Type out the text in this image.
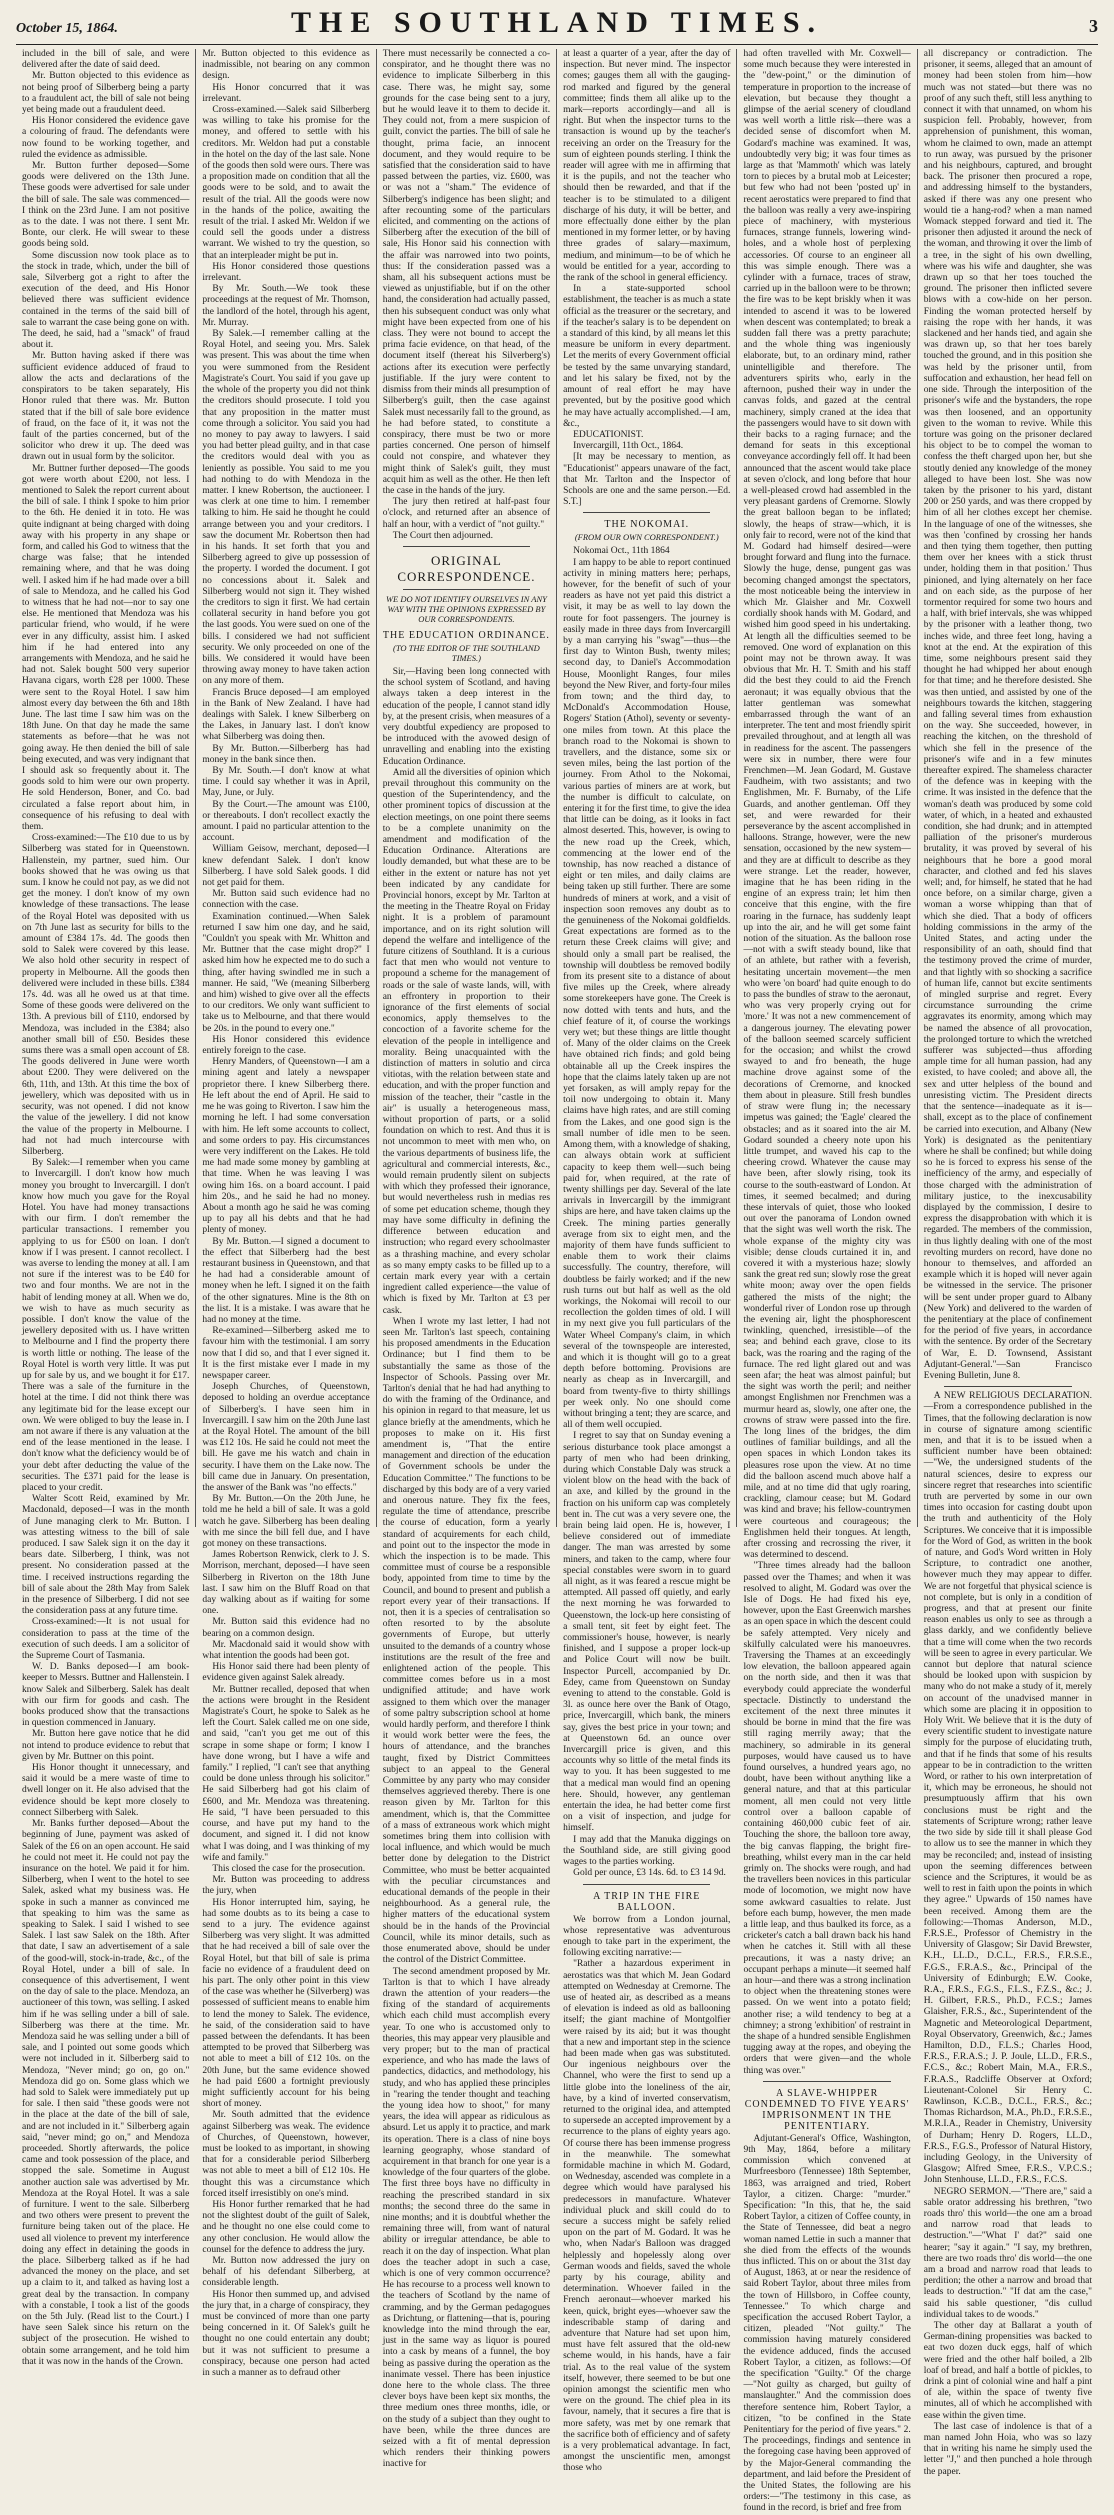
October 15, 1864.	THE SOUTHLAND TIMES.	3

included in the bill of sale, and were delivered after the date of said deed.

Mr. Button objected to this evidence as not being proof of Silberberg being a party to a fraudulent act, the bill of sale not being yet being made out a fraudulent deed.

His Honor considered the evidence gave a colouring of fraud. The defendants were now found to be working together, and ruled the evidence as admissible.

Mr. Button further deposed—Some goods were delivered on the 13th June. These goods were advertised for sale under the bill of sale. The sale was commenced—I think on the 23rd June. I am not positive as to the date. I was not there. I sent Mr. Bonte, our clerk. He will swear to these goods being sold.

Some discussion now took place as to the stock in trade, which, under the bill of sale, Silverberg got a right to after the execution of the deed, and His Honor believed there was sufficient evidence contained in the terms of the said bill of sale to warrant the case being gone on with. The deed, he said, had a "smack" of fraud about it.

Mr. Button having asked if there was sufficient evidence adduced of fraud to allow the acts and declarations of the conspirators to be taken separately, His Honor ruled that there was. Mr. Button stated that if the bill of sale bore evidence of fraud, on the face of it, it was not the fault of the parties concerned, but of the solicitor who drew it up. The deed was drawn out in usual form by the solicitor.

Mr. Buttner further deposed—The goods got were worth about £200, not less. I mentioned to Salek the report current about the bill of sale. I think I spoke to him prior to the 6th. He denied it in toto. He was quite indignant at being charged with doing away with his property in any shape or form, and called his God to witness that the charge was false; that he intended remaining where, and that he was doing well. I asked him if he had made over a bill of sale to Mendoza, and he called his God to witness that he had not—nor to say one else. He mentioned that Mendoza was his particular friend, who would, if he were ever in any difficulty, assist him. I asked him if he had entered into any arrangements with Mendoza, and he said he had not. Salek bought 500 very superior Havana cigars, worth £28 per 1000. These were sent to the Royal Hotel. I saw him almost every day between the 6th and 18th June. The last time I saw him was on the 18th June. On that day he made the same statements as before—that he was not going away. He then denied the bill of sale being executed, and was very indignant that I should ask so frequently about it. The goods sold to him were our own property. He sold Henderson, Boner, and Co. bad circulated a false report about him, in consequence of his refusing to deal with them.

Cross-examined:—The £10 due to us by Silberberg was stated for in Queenstown. Hallenstein, my partner, sued him. Our books showed that he was owing us that sum. I know he could not pay, as we did not get the money. I don't know of my own knowledge of these transactions. The lease of the Royal Hotel was deposited with us on 7th June last as security for bills to the amount of £384 17s. 4d. The goods then sold to Salek were covered by this lease. We also hold other security in respect of property in Melbourne. All the goods then delivered were included in these bills. £384 17s. 4d. was all he owed us at that time. Some of these goods were delivered on the 13th. A previous bill of £110, endorsed by Mendoza, was included in the £384; also another small bill of £50. Besides these sums there was a small open account of £8. The goods delivered in June were worth about £200. They were delivered on the 6th, 11th, and 13th. At this time the box of jewellery, which was deposited with us in security, was not opened. I did not know the value of the jewellery. I did not know the value of the property in Melbourne. I had not had much intercourse with Silberberg.

By Salek:—I remember when you came to Invercargill. I don't know how much money you brought to Invercargill. I don't know how much you gave for the Royal Hotel. You have had money transactions with our firm. I don't remember the particular transactions. I remember you applying to us for £500 on loan. I don't know if I was present. I cannot recollect. I was averse to lending the money at all. I am not sure if the interest was to be £40 for two and four months. We are not in the habit of lending money at all. When we do, we wish to have as much security as possible. I don't know the value of the jewellery deposited with us. I have written to Melbourne and I find the property there is worth little or nothing. The lease of the Royal Hotel is worth very little. It was put up for sale by us, and we bought it for £17. There was a sale of the furniture in the hotel at the time. I did not think there was any legitimate bid for the lease except our own. We were obliged to buy the lease in. I am not aware if there is any valuation at the end of the lease mentioned in the lease. I don't know what the deficiency would be of your debt after deducting the value of the securities. The £371 paid for the lease is placed to your credit.

Walter Scott Reid, examined by Mr. Macdonald, deposed—I was in the month of June managing clerk to Mr. Button. I was attesting witness to the bill of sale produced. I saw Salek sign it on the day it bears date. Silberberg, I think, was not present. No consideration passed at the time. I received instructions regarding the bill of sale about the 28th May from Salek in the presence of Silberberg. I did not see the consideration pass at any future time.

Cross-examined:—It is not usual for consideration to pass at the time of the execution of such deeds. I am a solicitor of the Supreme Court of Tasmania.

W. D. Banks deposed—I am book-keeper to Messrs. Buttner and Hallenstein. I know Salek and Silberberg. Salek has dealt with our firm for goods and cash. The books produced show that the transactions in question commenced in January.

Mr. Button here gave notice that he did not intend to produce evidence to rebut that given by Mr. Buttner on this point.

His Honor thought it unnecessary, and said it would be a mere waste of time to dwell longer on it. He also advised that the evidence should be kept more closely to connect Silberberg with Salek.

Mr. Banks further deposed—About the beginning of June, payment was asked of Salek of the £6 on an open account. He said he could not meet it. He could not pay the insurance on the hotel. We paid it for him. Silberberg, when I went to the hotel to see Salek, asked what my business was. He spoke in such a manner as convinced me that speaking to him was the same as speaking to Salek. I said I wished to see Salek. I last saw Salek on the 18th. After that date, I saw an advertisement of a sale of the good-will, stock-in-trade, &c., of the Royal Hotel, under a bill of sale. In consequence of this advertisement, I went on the day of sale to the place. Mendoza, an auctioneer of this town, was selling. I asked him if he was selling under a bill of sale. Silberberg was there at the time. Mr. Mendoza said he was selling under a bill of sale, and I pointed out some goods which were not included in it. Silberberg said to Mendoza, "Never mind; go on, go on." Mendoza did go on. Some glass which we had sold to Salek were immediately put up for sale. I then said "these goods were not in the place at the date of the bill of sale, and are not included in it." Silberberg again said, "never mind; go on," and Mendoza proceeded. Shortly afterwards, the police came and took possession of the place, and stopped the sale. Sometime in August another auction sale was advertised by Mr. Mendoza at the Royal Hotel. It was a sale of furniture. I went to the sale. Silberberg and two others were present to prevent the furniture being taken out of the place. He used all violence to prevent my interference doing any effect in detaining the goods in the place. Silberberg talked as if he had advanced the money on the place, and set up a claim to it, and talked as having lost a great deal by the transaction. In company with a constable, I took a list of the goods on the 5th July. (Read list to the Court.) I have seen Salek since his return on the subject of the prosecution. He wished to obtain some arrangement, and he told him that it was now in the hands of the Crown.

Mr. Button objected to this evidence as inadmissible, not bearing on any common design.

His Honor concurred that it was irrelevant.

Cross-examined.—Salek said Silberberg was willing to take his promise for the money, and offered to settle with his creditors. Mr. Weldon had put a constable in the hotel on the day of the last sale. None of the goods then sold were ours. There was a proposition made on condition that all the goods were to be sold, and to await the result of the trial. All the goods were now in the hands of the police, awaiting the result of the trial. I asked Mr. Weldon if we could sell the goods under a distress warrant. We wished to try the question, so that an interpleader might be put in.

His Honor considered those questions irrelevant.

By Mr. South.—We took these proceedings at the request of Mr. Thomson, the landlord of the hotel, through his agent, Mr. Murray.

By Salek.—I remember calling at the Royal Hotel, and seeing you. Mrs. Salek was present. This was about the time when you were summoned from the Resident Magistrate's Court. You said if you gave up the whole of the property you did not think the creditors should prosecute. I told you that any proposition in the matter must come through a solicitor. You said you had no money to pay away to lawyers. I said you had better plead guilty, and in that case the creditors would deal with you as leniently as possible. You said to me you had nothing to do with Mendoza in the matter. I knew Robertson, the auctioneer. I was clerk at one time to him. I remember talking to him. He said he thought he could arrange between you and your creditors. I saw the document Mr. Robertson then had in his hands. It set forth that you and Silberberg agreed to give up possession of the property. I worded the document. I got no concessions about it. Salek and Silberberg would not sign it. They wished the creditors to sign it first. We had certain collateral security in hand before you got the last goods. You were sued on one of the bills. I considered we had not sufficient security. We only proceeded on one of the bills. We considered it would have been throwing away money to have taken action on any more of them.

Francis Bruce deposed—I am employed in the Bank of New Zealand. I have had dealings with Salek. I knew Silberberg on the Lakes, in January last. I don't know what Silberberg was doing then.

By Mr. Button.—Silberberg has had money in the bank since then.

By Mr. South.—I don't know at what time. I could say whether it was in April, May, June, or July.

By the Court.—The amount was £100, or thereabouts. I don't recollect exactly the amount. I paid no particular attention to the account.

William Geisow, merchant, deposed—I knew defendant Salek. I don't know Silberberg. I have sold Salek goods. I did not get paid for them.

Mr. Button said such evidence had no connection with the case.

Examination continued.—When Salek returned I saw him one day, and he said, "Couldn't you speak with Mr. Whitton and Mr. Buttner that the case might drop?" I asked him how he expected me to do such a thing, after having swindled me in such a manner. He said, "We (meaning Silberberg and him) wished to give over all the effects to our creditors. We only want sufficient to take us to Melbourne, and that there would be 20s. in the pound to every one."

His Honor considered this evidence entirely foreign to the case.

Henry Manders, of Queenstown—I am a mining agent and lately a newspaper proprietor there. I knew Silberberg there. He left about the end of April. He said to me he was going to Riverton. I saw him the morning he left. I had some conversation with him. He left some accounts to collect, and some orders to pay. His circumstances were very indifferent on the Lakes. He told me had made some money by gambling at that time. When he was leaving I was owing him 16s. on a board account. I paid him 20s., and he said he had no money. About a month ago he said he was coming up to pay all his debts and that he had plenty of money.

By Mr. Button.—I signed a document to the effect that Silberberg had the best restaurant business in Queenstown, and that he had had a considerable amount of money when he left. I signed it on the faith of the other signatures. Mine is the 8th on the list. It is a mistake. I was aware that he had no money at the time.

Re-examined—Silberberg asked me to favour him with the testimonial. I am sorry now that I did so, and that I ever signed it. It is the first mistake ever I made in my newspaper career.

Joseph Churches, of Queenstown, deposed to holding an overdue acceptance of Silberberg's. I have seen him in Invercargill. I saw him on the 20th June last at the Royal Hotel. The amount of the bill was £12 10s. He said he could not meet the bill. He gave me his watch and chain in security. I have them on the Lake now. The bill came due in January. On presentation, the answer of the Bank was "no effects."

By Mr. Button.—On the 20th June, he told me he held a bill of sale. It was a gold watch he gave. Silberberg has been dealing with me since the bill fell due, and I have got money on these transactions.

James Robertson Renwick, clerk to J. S. Morrison, merchant, deposed—I have seen Silberberg in Riverton on the 18th June last. I saw him on the Bluff Road on that day walking about as if waiting for some one.

Mr. Button said this evidence had no bearing on a common design.

Mr. Macdonald said it would show with what intention the goods had been got.

His Honor said there had been plenty of evidence given against Salek already.

Mr. Buttner recalled, deposed that when the actions were brought in the Resident Magistrate's Court, he spoke to Salek as he left the Court. Salek called me on one side, and said, "can't you get me out of this scrape in some shape or form; I know I have done wrong, but I have a wife and family." I replied, "I can't see that anything could be done unless through his solicitor." He said Silberberg had got his claim of £600, and Mr. Mendoza was threatening. He said, "I have been persuaded to this course, and have put my hand to the document, and signed it. I did not know what I was doing, and I was thinking of my wife and family."

This closed the case for the prosecution.

Mr. Button was proceeding to address the jury, when

His Honor interrupted him, saying, he had some doubts as to its being a case to send to a jury. The evidence against Silberberg was very slight. It was admitted that he had received a bill of sale over the Royal Hotel, but that bill of sale is prima facie no evidence of a fraudulent deed on his part. The only other point in this view of the case was whether he (Silverberg) was possessed of sufficient means to enable him to lend the money to Salek. The evidence, he said, of the consideration said to have passed between the defendants. It has been attempted to be proved that Silberberg was not able to meet a bill of £12 10s. on the 20th June, but the same evidence showed he had paid £600 a fortnight previously might sufficiently account for his being short of money.

Mr. South admitted that the evidence against Silberberg was weak. The evidence of Churches, of Queenstown, however, must be looked to as important, in showing that for a considerable period Silberberg was not able to meet a bill of £12 10s. He thought this was a circumstance which forced itself irresistibly on one's mind.

His Honor further remarked that he had not the slightest doubt of the guilt of Salek, and he thought no one else could come to any other conclusion. He would allow the counsel for the defence to address the jury.

Mr. Button now addressed the jury on behalf of his defendant Silberberg, at considerable length.

His Honor then summed up, and advised the jury that, in a charge of conspiracy, they must be convinced of more than one party being concerned in it. Of Salek's guilt he thought no one could entertain any doubt; but it was not sufficient to presume a conspiracy, because one person had acted in such a manner as to defraud other

There must necessarily be connected a co-conspirator, and he thought there was no evidence to implicate Silberberg in this case. There was, he might say, some grounds for the case being sent to a jury, but he would leave it to them to decide it. They could not, from a mere suspicion of guilt, convict the parties. The bill of sale he thought, prima facie, an innocent document, and they would require to be satisfied that the consideration said to have passed between the parties, viz. £600, was or was not a "sham." The evidence of Silberberg's indigence has been slight; and after recounting some of the particulars elicited, and commenting on the actions of Silberberg after the execution of the bill of sale, His Honor said his connection with the affair was narrowed into two points, thus: If the consideration passed was a sham, all his subsequent actions must be viewed as unjustifiable, but if on the other hand, the consideration had actually passed, then his subsequent conduct was only what might have been expected from one of his class. They were not bound to accept the prima facie evidence, on that head, of the document itself (thereat his Silverberg's) actions after its execution were perfectly justifiable. If the jury were content to dismiss from their minds all presumption of Silberberg's guilt, then the case against Salek must necessarily fall to the ground, as he had before stated, to constitute a conspiracy, there must be two or more parties concerned. One person of himself could not conspire, and whatever they might think of Salek's guilt, they must acquit him as well as the other. He then left the case in the hands of the jury.

The jury then retired at half-past four o'clock, and returned after an absence of half an hour, with a verdict of "not guilty."

The Court then adjourned.

ORIGINAL CORRESPONDENCE.
WE DO NOT IDENTIFY OURSELVES IN ANY WAY WITH THE OPINIONS EXPRESSED BY OUR CORRESPONDENTS.
THE EDUCATION ORDINANCE.
(TO THE EDITOR OF THE SOUTHLAND TIMES.)

Sir,—Having been long connected with the school system of Scotland, and having always taken a deep interest in the education of the people, I cannot stand idly by, at the present crisis, when measures of a very doubtful expediency are proposed to be introduced with the avowed design of unravelling and enabling into the existing Education Ordinance.

Amid all the diversities of opinion which prevail throughout this community on the question of the Superintendency, and the other prominent topics of discussion at the election meetings, on one point there seems to be a complete unanimity on the amendment and modification of the Education Ordinance. Alterations are loudly demanded, but what these are to be either in the extent or nature has not yet been indicated by any candidate for Provincial honors, except by Mr. Tarlton at the meeting in the Theatre Royal on Friday night. It is a problem of paramount importance, and on its right solution will depend the welfare and intelligence of the future citizens of Southland. It is a curious fact that men who would not venture to propound a scheme for the management of roads or the sale of waste lands, will, with an effrontery in proportion to their ignorance of the first elements of social economics, apply themselves to the concoction of a favorite scheme for the elevation of the people in intelligence and morality. Being unacquainted with the distinction of matters in solutio and circa vitiotas, with the relation between state and education, and with the proper function and mission of the teacher, their "castle in the air" is usually a heterogeneous mass, without proportion of parts, or a solid foundation on which to rest. And thus it is not uncommon to meet with men who, on the various departments of business life, the agricultural and commercial interests, &c., would remain prudently silent on subjects with which they professed their ignorance, but would nevertheless rush in medias res of some pet education scheme, though they may have some difficulty in defining the difference between education and instruction; who regard every schoolmaster as a thrashing machine, and every scholar as so many empty casks to be filled up to a certain mark every year with a certain ingredient called experience—the value of which is fixed by Mr. Tarlton at £3 per cask.

When I wrote my last letter, I had not seen Mr. Tarlton's last speech, containing his proposed amendments in the Education Ordinance; but I find them to be substantially the same as those of the Inspector of Schools. Passing over Mr. Tarlton's denial that he had had anything to do with the framing of the Ordinance, and his opinion in regard to that measure, let us glance briefly at the amendments, which he proposes to make on it. His first amendment is, "That the entire management and direction of the education of Government schools be under the Education Committee." The functions to be discharged by this body are of a very varied and onerous nature. They fix the fees, regulate the time of attendance, prescribe the course of education, form a yearly standard of acquirements for each child, and point out to the inspector the mode in which the inspection is to be made. This committee must of course be a responsible body, appointed from time to time by the Council, and bound to present and publish a report every year of their transactions. If not, then it is a species of centralisation so often resorted to by the absolute governments of Europe, but utterly unsuited to the demands of a country whose institutions are the result of the free and enlightened action of the people. This committee comes before us in a most undignified attitude; and have work assigned to them which over the manager of some paltry subscription school at home would hardly perform, and therefore I think it would work better were the fees, the hours of attendance, and the branches taught, fixed by District Committees subject to an appeal to the General Committee by any party who may consider themselves aggrieved thereby. There is one reason given by Mr. Tarlton for this amendment, which is, that the Committee of a mass of extraneous work which might sometimes bring them into collision with local influence, and which would be much better done by delegation to the District Committee, who must be better acquainted with the peculiar circumstances and educational demands of the people in their neighbourhood. As a general rule, the higher matters of the educational system should be in the hands of the Provincial Council, while its minor details, such as those enumerated above, should be under the control of the District Committee.

The second amendment proposed by Mr. Tarlton is that to which I have already drawn the attention of your readers—the fixing of the standard of acquirements which each child must accomplish every year. To one who is accustomed only to theories, this may appear very plausible and very proper; but to the man of practical experience, and who has made the laws of pandectics, didactics, and methodology, his study, and who has applied these principles in "rearing the tender thought and teaching the young idea how to shoot," for many years, the idea will appear as ridiculous as absurd. Let us apply it to practice, and mark its operation. There is a class of nine boys learning geography, whose standard of acquirement in that branch for one year is a knowledge of the four quarters of the globe. The first three boys have no difficulty in reaching the prescribed standard in six months; the second three do the same in nine months; and it is doubtful whether the remaining three will, from want of natural ability or irregular attendance, be able to reach it on the day of inspection. What plan does the teacher adopt in such a case, which is one of very common occurrence? He has recourse to a process well known to the teachers of Scotland by the name of cramming, and by the German pedagogues as Drichtung, or flattening—that is, pouring knowledge into the mind through the ear, just in the same way as liquor is poured into a cask by means of a funnel, the boy being as passive during the operation as the inanimate vessel. There has been injustice done here to the whole class. The three clever boys have been kept six months, the three medium ones three months, idle, or on the study of a subject than they ought to have been, while the three dunces are seized with a fit of mental depression which renders their thinking powers inactive for

at least a quarter of a year, after the day of inspection. But never mind. The inspector comes; gauges them all with the gauging-rod marked and figured by the general committee; finds them all alike up to the mark—reports accordingly—and all is right. But when the inspector turns to the transaction is wound up by the teacher's receiving an order on the Treasury for the sum of eighteen pounds sterling. I think the reader will agree with me in affirming that it is the pupils, and not the teacher who should then be rewarded, and that if the teacher is to be stimulated to a diligent discharge of his duty, it will be better, and more effectually done either by the plan mentioned in my former letter, or by having three grades of salary—maximum, medium, and minimum—to be of which he would be entitled for a year, according to the rank of the school in general efficiency.

In a state-supported school establishment, the teacher is as much a state official as the treasurer or the secretary, and if the teacher's salary is to be dependent on a standard of this kind, by all means let this measure be uniform in every department. Let the merits of every Government official be tested by the same unvarying standard, and let his salary be fixed, not by the amount of real effort he may have prevented, but by the positive good which he may have actually accomplished.—I am, &c.,

EDUCATIONIST.

Invercargill, 11th Oct., 1864.

[It may be necessary to mention, as "Educationist" appears unaware of the fact, that Mr. Tarlton and the Inspector of Schools are one and the same person.—Ed. S.T.]

THE NOKOMAI.
(FROM OUR OWN CORRESPONDENT.)

Nokomai Oct., 11th 1864

I am happy to be able to report continued activity in mining matters here; perhaps, however, for the benefit of such of your readers as have not yet paid this district a visit, it may be as well to lay down the route for foot passengers. The journey is easily made in three days from Invercargill by a man carrying his "swag"—thus—the first day to Winton Bush, twenty miles; second day, to Daniel's Accommodation House, Moonlight Ranges, four miles beyond the New River, and forty-four miles from town; and the third day, to McDonald's Accommodation House, Rogers' Station (Athol), seventy or seventy-one miles from town. At this place the branch road to the Nokomai is shown to travellers, and the distance, some six or seven miles, being the last portion of the journey. From Athol to the Nokomai, various parties of miners are at work, but the number is difficult to calculate, on entering it for the first time, to give the idea that little can be doing, as it looks in fact almost deserted. This, however, is owing to the new road up the Creek, which, commencing at the lower end of the township, has now reached a distance of eight or ten miles, and daily claims are being taken up still further. There are some hundreds of miners at work, and a visit of inspection soon removes any doubt as to the genuineness of the Nokomai goldfields. Great expectations are formed as to the return these Creek claims will give; and should only a small part be realised, the township will doubtless be removed bodily from its present site to a distance of about five miles up the Creek, where already some storekeepers have gone. The Creek is now dotted with tents and huts, and the chief feature of it, of course the workings very wet; but these things are little thought of. Many of the older claims on the Creek have obtained rich finds; and gold being obtainable all up the Creek inspires the hope that the claims lately taken up are not yet forsaken, as will amply repay for the toil now undergoing to obtain it. Many claims have high rates, and are still coming from the Lakes, and one good sign is the small number of idle men to be seen. Among them, with a knowledge of shaking, can always obtain work at sufficient capacity to keep them well—such being paid for, when required, at the rate of twenty shillings per day. Several of the late arrivals in Invercargill by the immigrant ships are here, and have taken claims up the Creek. The mining parties generally average from six to eight men, and the majority of them have funds sufficient to enable them to work their claims successfully. The country, therefore, will doubtless be fairly worked; and if the new rush turns out but half as well as the old workings, the Nokomai will recoil to our recollection the golden times of old. I will in my next give you full particulars of the Water Wheel Company's claim, in which several of the townspeople are interested, and which it is thought will go to a great depth before bottoming. Provisions are nearly as cheap as in Invercargill, and board from twenty-five to thirty shillings per week only. No one should come without bringing a tent; they are scarce, and all of them well occupied.

I regret to say that on Sunday evening a serious disturbance took place amongst a party of men who had been drinking, during which Constable Daly was struck a violent blow on the head with the back of an axe, and killed by the ground in the fraction on his uniform cap was completely bent in. The cut was a very severe one, the brain being laid open. He is, however, I believe considered out of immediate danger. The man was arrested by some miners, and taken to the camp, where four special constables were sworn in to guard all night, as it was feared a rescue might be attempted. All passed off quietly, and early the next morning he was forwarded to Queenstown, the lock-up here consisting of a small tent, sit feet by eight feet. The commissioner's house, however, is nearly finished, and I suppose a proper lock-up and Police Court will now be built. Inspector Purcell, accompanied by Dr. Edey, came from Queenstown on Sunday evening to attend to the constable. Gold is 3l. as ounce here over the Bank of Otago, price, Invercargill, which bank, the miners say, gives the best price in your town; and at Queenstown 6d. an ounce over Invercargill price is given, and this accounts why so little of the metal finds its way to you. It has been suggested to me that a medical man would find an opening here. Should, however, any gentleman entertain the idea, he had better come first on a visit of inspection, and judge for himself.

I may add that the Manuka diggings on the Southland side, are still giving good wages to the parties working.

Gold per ounce, £3 14s. 6d. to £3 14 9d.

A TRIP IN THE FIRE BALLOON.

We borrow from a London journal, whose representative was adventurous enough to take part in the experiment, the following exciting narrative:—

"Rather a hazardous experiment in aerostatics was that which M. Jean Godard attempted on Wednesday at Cremorne. The use of heated air, as described as a means of elevation is indeed as old as ballooning itself; the giant machine of Montgolfier were raised by its aid; but it was thought that a new and important step in the science had been made when gas was substituted. Our ingenious neighbours over the Channel, who were the first to send up a little globe into the loneliness of the air, have, by a kind of inverted conservatism, returned to the original idea, and attempted to supersede an accepted improvement by a recurrence to the plans of eighty years ago. Of course there has been immense progress in the meanwhile. The somewhat formidable machine in which M. Godard, on Wednesday, ascended was complete in a degree which would have paralysed his predecessors in manufacture. Whatever individual pluck and skill could do to secure a success might be safely relied upon on the part of M. Godard. It was he who, when Nadar's Balloon was dragged helplessly and hopelessly along over German woods and fields, saved the whole party by his courage, ability and determination. Whoever failed in the French aeronaut—whoever marked his keen, quick, bright eyes—whoever saw the indescribable stamp of daring and adventure that Nature had set upon him, must have felt assured that the old-new scheme would, in his hands, have a fair trial. As to the real value of the system itself, however, there seemed to be but one opinion amongst the scientific men who were on the ground. The chief plea in its favour, namely, that it secures a fire that is more safety, was met by one remark that the sacrifice both of efficiency and of safety is a very problematical advantage. In fact, amongst the unscientific men, amongst those who

had often travelled with Mr. Coxwell—some much because they were interested in the "dew-point," or the diminution of temperature in proportion to the increase of elevation, but because they thought a glimpse of the aerial scenery of cloudland was well worth a little risk—there was a decided sense of discomfort when M. Godard's machine was examined. It was, undoubtedly very big; it was four times as large as that 'Mammoth' which was lately torn to pieces by a brutal mob at Leicester; but few who had not been 'posted up' in recent aerostatics were prepared to find that the balloon was really a very awe-inspiring piece of machinery, with mysterious furnaces, strange funnels, lowering wind-holes, and a whole host of perplexing accessories. Of course to an engineer all this was simple enough. There was a cylinder with a furnace, traces of straw, carried up in the balloon were to be thrown; the fire was to be kept briskly when it was intended to ascend it was to be lowered when descent was contemplated; to break a sudden fall there was a pretty parachute; and the whole thing was ingeniously elaborate, but, to an ordinary mind, rather unintelligible and therefore. The adventurers spirits who, early in the afternoon, pushed their way in under the canvas folds, and gazed at the central machinery, simply craned at the idea that the passengers would have to sit down with their backs to a raging furnace; and the demand for seats in this exceptional conveyance accordingly fell off. It had been announced that the ascent would take place at seven o'clock, and long before that hour a well-pleased crowd had assembled in the very pleasant gardens of Cremorne. Slowly the great balloon began to be inflated; slowly, the heaps of straw—which, it is only fair to record, were not of the kind that M. Godard had himself desired—were brought forward and flung into the furnace. Slowly the huge, dense, pungent gas was becoming changed amongst the spectators, the most noticeable being the interview in which Mr. Glaisher and Mr. Coxwell cordially shook hands with M. Godard, and wished him good speed in his undertaking. At length all the difficulties seemed to be removed. One word of explanation on this point may not be thrown away. It was obvious that Mr. H. T. Smith and his staff did the best they could to aid the French aeronaut; it was equally obvious that the latter gentleman was somewhat embarrassed through the want of an interpreter. The tent and most friendly spirit prevailed throughout, and at length all was in readiness for the ascent. The passengers were six in number, there were four Frenchmen—M. Jean Godard, M. Gustave Faudheim, with two assistants; and two Englishmen, Mr. F. Burnaby, of the Life Guards, and another gentleman. Off they set, and were rewarded for their perseverance by the ascent accomplished in halloons. Strange, however, were the new sensation, occasioned by the new system—and they are at difficult to describe as they were strange. Let the reader, however, imagine that he has been riding in the engine of an express train; let him then conceive that this engine, with the fire roaring in the furnace, has suddenly leapt up into the air, and he will get some faint notion of the situation. As the balloon rose—not with a swift steady bound, like that of an athlete, but rather with a feverish, hesitating uncertain movement—the men who were 'on board' had quite enough to do to pass the bundles of straw to the aeronaut, who was very properly crying out for 'more.' It was not a new commencement of a dangerous journey. The elevating power of the balloon seemed scarcely sufficient for the occasion; and whilst the crowd swayed to and fro beneath, the huge machine drove against some of the decorations of Cremorne, and knocked them about in pleasure. Still fresh bundles of straw were flung in; the necessary impetus was gained; the 'Eagle' cleared the obstacles; and as it soared into the air M. Godard sounded a cheery note upon his little trumpet, and waved his cap to the cheering crowd. Whatever the cause may have been, after slowly rising, took its course to the south-eastward of London. At times, it seemed becalmed; and during these intervals of quiet, those who looked out over the panorama of London owned that the sight was well worth the risk. The whole expanse of the mighty city was visible; dense clouds curtained it in, and covered it with a mysterious haze; slowly sank the great red sun; slowly rose the great white moon; away over the open fields gathered the mists of the night; the wonderful river of London rose up through the evening air, light the phosphorescent twinkling, quenched, irresistible—of the sea; and behind each grave, close to its back, was the roaring and the raging of the furnace. The red light glared out and was seen afar; the heat was almost painful; but the sight was worth the peril; and neither amongst Englishmen nor Frenchmen was a murmur heard as, slowly, one after one, the crowns of straw were passed into the fire. The long lines of the bridges, the dim outlines of familiar buildings, and all the open spaces in which London takes its pleasures rose upon the view. At no time did the balloon ascend much above half a mile, and at no time did that ugly roaring, crackling, clamour cease; but M. Godard was kind and brave; his fellow-countrymen were courteous and courageous; the Englishmen held their tongues. At length, after crossing and recrossing the river, it was determined to descend.

"Three times already had the balloon passed over the Thames; and when it was resolved to alight, M. Godard was over the Isle of Dogs. He had fixed his eye, however, upon the East Greenwich marshes as an open space in which the descent could be safely attempted. Very nicely and skilfully calculated were his manoeuvres. Traversing the Thames at an exceedingly low elevation, the balloon appeared again on the north side, and then it was that everybody could appreciate the wonderful spectacle. Distinctly to understand the excitement of the next three minutes it should be borne in mind that the fire was still raging merrily away; that the machinery, so admirable in its general purposes, would have caused us to have found ourselves, a hundred years ago, no doubt, have been without anything like a general nature, and that at this particular moment, all men could not very little control over a balloon capable of containing 460,000 cubic feet of air. Touching the shore, the balloon tore away, the big canvas flapping, the bright fire-breathing, whilst every man in the car held grimly on. The shocks were rough, and had the travellers been novices in this particular mode of locomotion, we might now have some awkward casualties to relate. Just before each bump, however, the men made a little leap, and thus baulked its force, as a cricketer's catch a ball drawn back his hand when he catches it. Still with all these precautions, it was a nasty drive; an occupant perhaps a minute—it seemed half an hour—and there was a strong inclination to object when the threatening stones were passed. On we went into a potato field; another rise; a wild tendency to beg at a chimney; a strong 'exhibition' of restraint in the shape of a hundred sensible Englishmen tugging away at the ropes, and obeying the orders that were given—and the whole thing was over."

A SLAVE-WHIPPER CONDEMNED TO FIVE YEARS' IMPRISONMENT IN THE PENITENTIARY.

Adjutant-General's Office, Washington, 9th May, 1864, before a military commission which convened at Murfreesboro (Tennessee) 18th September, 1863, was arraigned and tried, Robert Taylor, a citizen. Charge: "murder." Specification: "In this, that he, the said Robert Taylor, a citizen of Coffee county, in the State of Tennessee, did beat a negro woman named Lettie in such a manner that she died from the effects of the wounds thus inflicted. This on or about the 31st day of August, 1863, at or near the residence of said Robert Taylor, about three miles from the town of Hillsboro, in Coffee county, Tennessee." To which charge and specification the accused Robert Taylor, a citizen, pleaded "Not guilty." The commission having maturely considered the evidence adduced, finds the accused Robert Taylor, a citizen, as follows:—Of the specification "Guilty." Of the charge—"Not guilty as charged, but guilty of manslaughter." And the commission does therefore sentence him, Robert Taylor, a citizen, "to be confined in the State Penitentiary for the period of five years." 2. The proceedings, findings and sentence in the foregoing case having been approved of by the Major-General commanding the department, and laid before the President of the United States, the following are his orders:—"The testimony in this case, as found in the record, is brief and free from

all discrepancy or contradiction. The prisoner, it seems, alleged that an amount of money had been stolen from him—how much was not stated—but there was no proof of any such theft, still less anything to connect it with that unnamed, on whom his suspicion fell. Probably, however, from apprehension of punishment, this woman, whom he claimed to own, made an attempt to run away, was pursued by the prisoner and his neighbours, captured, and brought back. The prisoner then procured a rope, and addressing himself to the bystanders, asked if there was any one present who would tie a hang-rod? when a man named Womack stepped forward and tied it. The prisoner then adjusted it around the neck of the woman, and throwing it over the limb of a tree, in the sight of his own dwelling, where was his wife and daughter, she was drawn up so that her toes touched the ground. The prisoner then inflicted severe blows with a cow-hide on her person. Finding the woman protected herself by raising the rope with her hands, it was slackened and her hands tied, and again she was drawn up, so that her toes barely touched the ground, and in this position she was held by the prisoner until, from suffocation and exhaustion, her head fell on one side. Through the interposition of the prisoner's wife and the bystanders, the rope was then loosened, and an opportunity given to the woman to revive. While this torture was going on the prisoner declared his object to be to compel the woman to confess the theft charged upon her, but she stoutly denied any knowledge of the money alleged to have been lost. She was now taken by the prisoner to his yard, distant 200 or 250 yards, and was there cropped by him of all her clothes except her chemise. In the language of one of the witnesses, she was then 'confined by crossing her hands and then tying them together, then putting them over her knees with a stick thrust under, holding them in that position.' Thus pinioned, and lying alternately on her face and on each side, as the purpose of her tormentor required for some two hours and a half, with brief intervals, she was whipped by the prisoner with a leather thong, two inches wide, and three feet long, having a knot at the end. At the expiration of this time, some neighbours present said they thought he had whipped her about enough for that time; and he therefore desisted. She was then untied, and assisted by one of the neighbours towards the kitchen, staggering and falling several times from exhaustion on the way. She succeeded, however, in reaching the kitchen, on the threshold of which she fell in the presence of the prisoner's wife and in a few minutes thereafter expired. The shameless character of the defence was in keeping with the crime. It was insisted in the defence that the woman's death was produced by some cold water, of which, in a heated and exhausted condition, she had drunk; and in attempted palliation of the prisoner's murderous brutality, it was proved by several of his neighbours that he bore a good moral character, and clothed and fed his slaves well; and, for himself, he stated that he had once before, on a similar charge, given a woman a worse whipping than that of which she died. That a body of officers holding commissions in the army of the United States, and acting under the responsibility of an oath, should find that the testimony proved the crime of murder, and that lightly with so shocking a sacrifice of human life, cannot but excite sentiments of mingled surprise and regret. Every circumstance surrounding the crime aggravates its enormity, among which may be named the absence of all provocation, the prolonged torture to which the wretched sufferer was subjected—thus affording ample time for all human passion, had any existed, to have cooled; and above all, the sex and utter helpless of the bound and unresisting victim. The President directs that the sentence—inadequate as it is—shall, except as to the place of confinement be carried into execution, and Albany (New York) is designated as the penitentiary where he shall be confined; but while doing so he is forced to express his sense of the inefficiency of the army, and especially of those charged with the administration of military justice, to the inexcusability displayed by the commission, I desire to express the disapprobation with which it is regarded. The members of the commission, in thus lightly dealing with one of the most revolting murders on record, have done no honour to themselves, and afforded an example which it is hoped will never again be witnessed in the service. The prisoner will be sent under proper guard to Albany (New York) and delivered to the warden of the penitentiary at the place of confinement for the period of five years, in accordance with the sentence. By order of the Secretary of War, E. D. Townsend, Assistant Adjutant-General."—San Francisco Evening Bulletin, June 8.

A NEW RELIGIOUS DECLARATION.—From a correspondence published in the Times, that the following declaration is now in course of signature among scientific men, and that it is to be issued when a sufficient number have been obtained:—"We, the undersigned students of the natural sciences, desire to express our sincere regret that researches into scientific truth are perverted by some in our own times into occasion for casting doubt upon the truth and authenticity of the Holy Scriptures. We conceive that it is impossible for the Word of God, as written in the book of nature, and God's Word written in Holy Scripture, to contradict one another, however much they may appear to differ. We are not forgetful that physical science is not complete, but is only in a condition of progress, and that at present our finite reason enables us only to see as through a glass darkly, and we confidently believe that a time will come when the two records will be seen to agree in every particular. We cannot but deplore that natural science should be looked upon with suspicion by many who do not make a study of it, merely on account of the unadvised manner in which some are placing it in opposition to Holy Writ. We believe that it is the duty of every scientific student to investigate nature simply for the purpose of elucidating truth, and that if he finds that some of his results appear to be in contradiction to the written Word, or rather to his own interpretation of it, which may be erroneous, he should not presumptuously affirm that his own conclusions must be right and the statements of Scripture wrong; rather leave the two side by side till it shall please God to allow us to see the manner in which they may be reconciled; and, instead of insisting upon the seeming differences between science and the Scriptures, it would be as well to rest in faith upon the points in which they agree." Upwards of 150 names have been received. Among them are the following:—Thomas Anderson, M.D., F.R.S.E., Professor of Chemistry in the University of Glasgow; Sir David Brewster, K.H., LL.D., D.C.L., F.R.S., F.R.S.E., F.G.S., F.R.A.S., &c., Principal of the University of Edinburgh; E.W. Cooke, R.A., F.R.S., F.G.S., F.L.S., F.Z.S., &c.; J. H. Gilbert, F.R.S., Ph.D., F.C.S.; James Glaisher, F.R.S., &c., Superintendent of the Magnetic and Meteorological Department, Royal Observatory, Greenwich, &c.; James Hamilton, D.D., F.L.S.; Charles Hood, F.R.S., F.R.A.S.; J. P. Joule, LL.D., F.R.S., F.C.S., &c.; Robert Main, M.A., F.R.S., F.R.A.S., Radcliffe Observer at Oxford; Lieutenant-Colonel Sir Henry C. Rawlinson, K.C.B., D.C.L., F.R.S., &c.; Thomas Richardson, M.A., Ph.D., F.R.S.E., M.R.I.A., Reader in Chemistry, University of Durham; Henry D. Rogers, LL.D., F.R.S., F.G.S., Professor of Natural History, including Geology, in the University of Glasgow; Alfred Smee, F.R.S., V.P.C.S.; John Stenhouse, LL.D., F.R.S., F.C.S.

NEGRO SERMON.—"There are," said a sable orator addressing his brethren, "two roads thro' this world—the one am a broad and narrow road that leads to destruction."—"What I' dat?" said one hearer; "say it again." "I say, my brethren, there are two roads thro' dis world—the one am a broad and narrow road that leads to perdition; the other a narrow and broad that leads to destruction." "If dat am the case," said his sable questioner, "dis cullud individual takes to de woods."

The other day at Ballarat a youth of German-dining propensities was backed to eat two dozen duck eggs, half of which were fried and the other half boiled, a 2lb loaf of bread, and half a bottle of pickles, to drink a pint of colonial wine and half a pint of ale, within the space of twenty five minutes, all of which he accomplished with ease within the given time.

The last case of indolence is that of a man named John Hoia, who was so lazy that in writing his name he simply used the letter "J," and then punched a hole through the paper.
